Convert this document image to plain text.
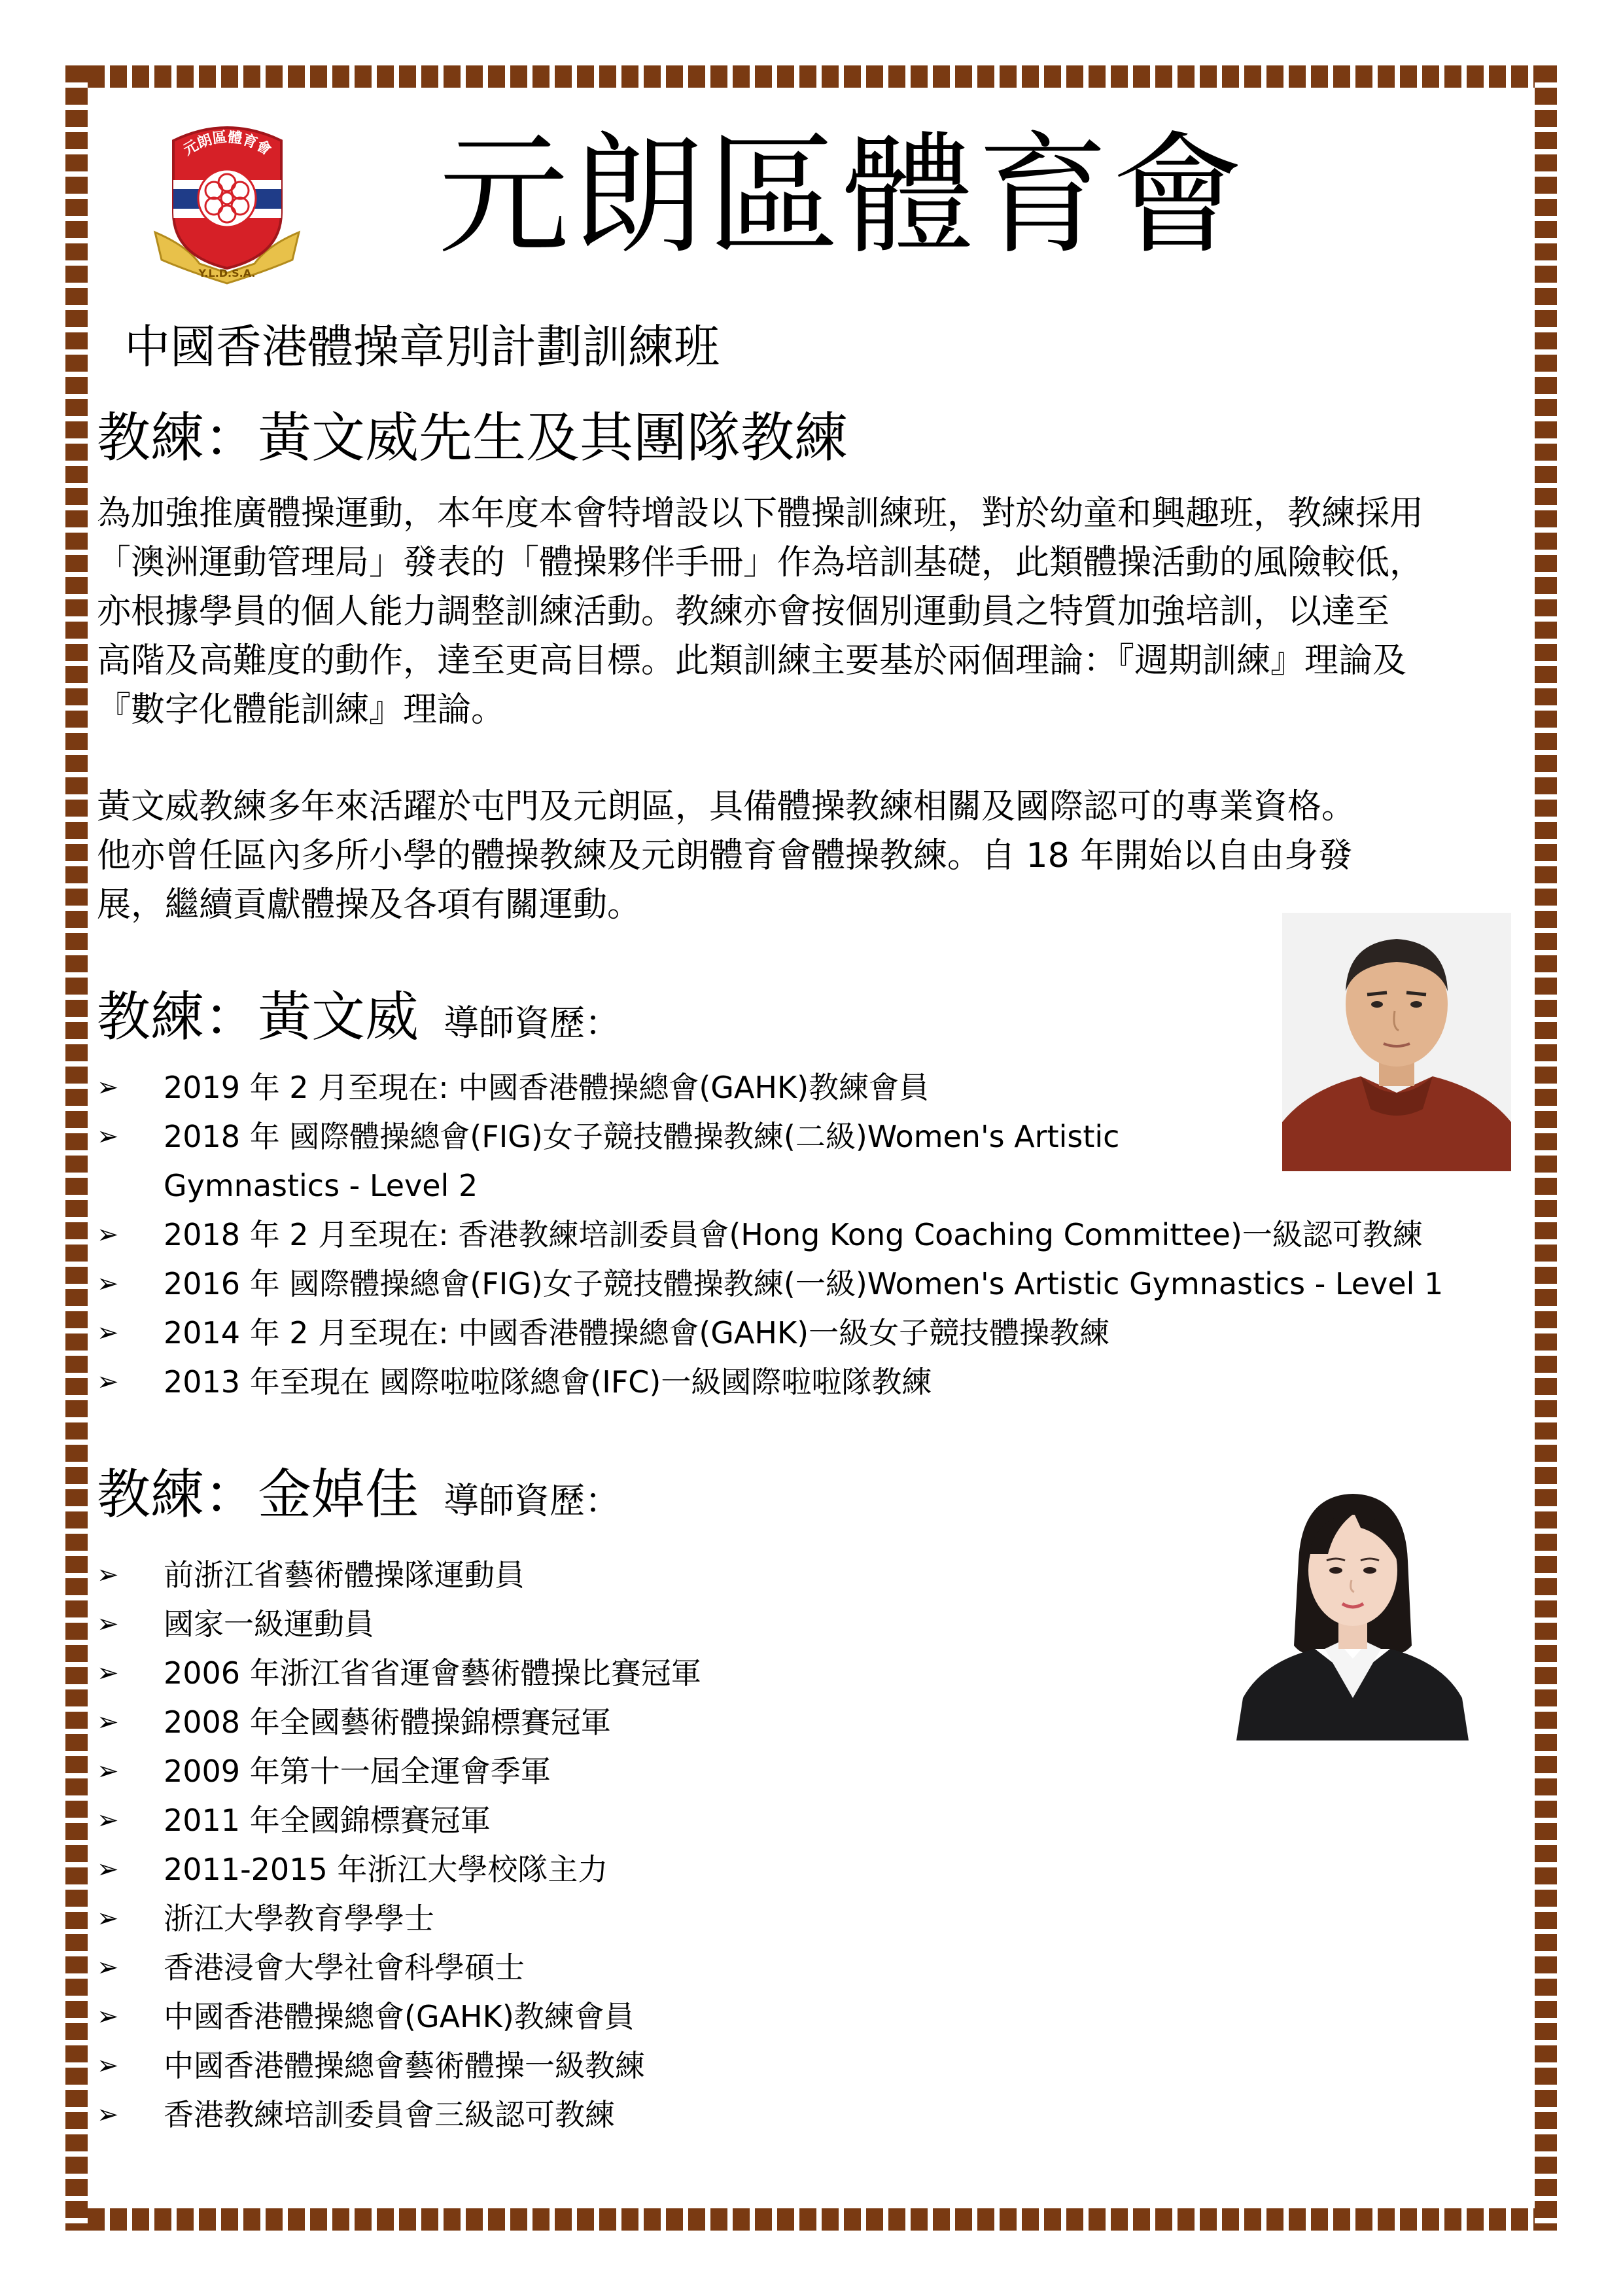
元朗區體育會
Y.L.D.S.A.
元朗區體育會
中國香港體操章別計劃訓練班
教練：黃文威先生及其團隊教練

為加強推廣體操運動，本年度本會特增設以下體操訓練班，對於幼童和興趣班，教練採用
「澳洲運動管理局」發表的「體操夥伴手冊」作為培訓基礎，此類體操活動的風險較低，
亦根據學員的個人能力調整訓練活動。教練亦會按個別運動員之特質加強培訓，以達至
高階及高難度的動作，達至更高目標。此類訓練主要基於兩個理論：『週期訓練』理論及
『數字化體能訓練』理論。

黃文威教練多年來活躍於屯門及元朗區，具備體操教練相關及國際認可的專業資格。
他亦曾任區內多所小學的體操教練及元朗體育會體操教練。自 18 年開始以自由身發
展，繼續貢獻體操及各項有關運動。

教練：黃文威 導師資歷：
➢	2019 年 2 月至現在: 中國香港體操總會(GAHK)教練會員
➢	2018 年 國際體操總會(FIG)女子競技體操教練(二級)Women's Artistic
Gymnastics - Level 2
➢	2018 年 2 月至現在: 香港教練培訓委員會(Hong Kong Coaching Committee)一級認可教練
➢	2016 年 國際體操總會(FIG)女子競技體操教練(一級)Women's Artistic Gymnastics - Level 1
➢	2014 年 2 月至現在: 中國香港體操總會(GAHK)一級女子競技體操教練
➢	2013 年至現在 國際啦啦隊總會(IFC)一級國際啦啦隊教練
教練：金婥佳 導師資歷：
➢	前浙江省藝術體操隊運動員
➢	國家一級運動員
➢	2006 年浙江省省運會藝術體操比賽冠軍
➢	2008 年全國藝術體操錦標賽冠軍
➢	2009 年第十一屆全運會季軍
➢	2011 年全國錦標賽冠軍
➢	2011-2015 年浙江大學校隊主力
➢	浙江大學教育學學士
➢	香港浸會大學社會科學碩士
➢	中國香港體操總會(GAHK)教練會員
➢	中國香港體操總會藝術體操一級教練
➢	香港教練培訓委員會三級認可教練
